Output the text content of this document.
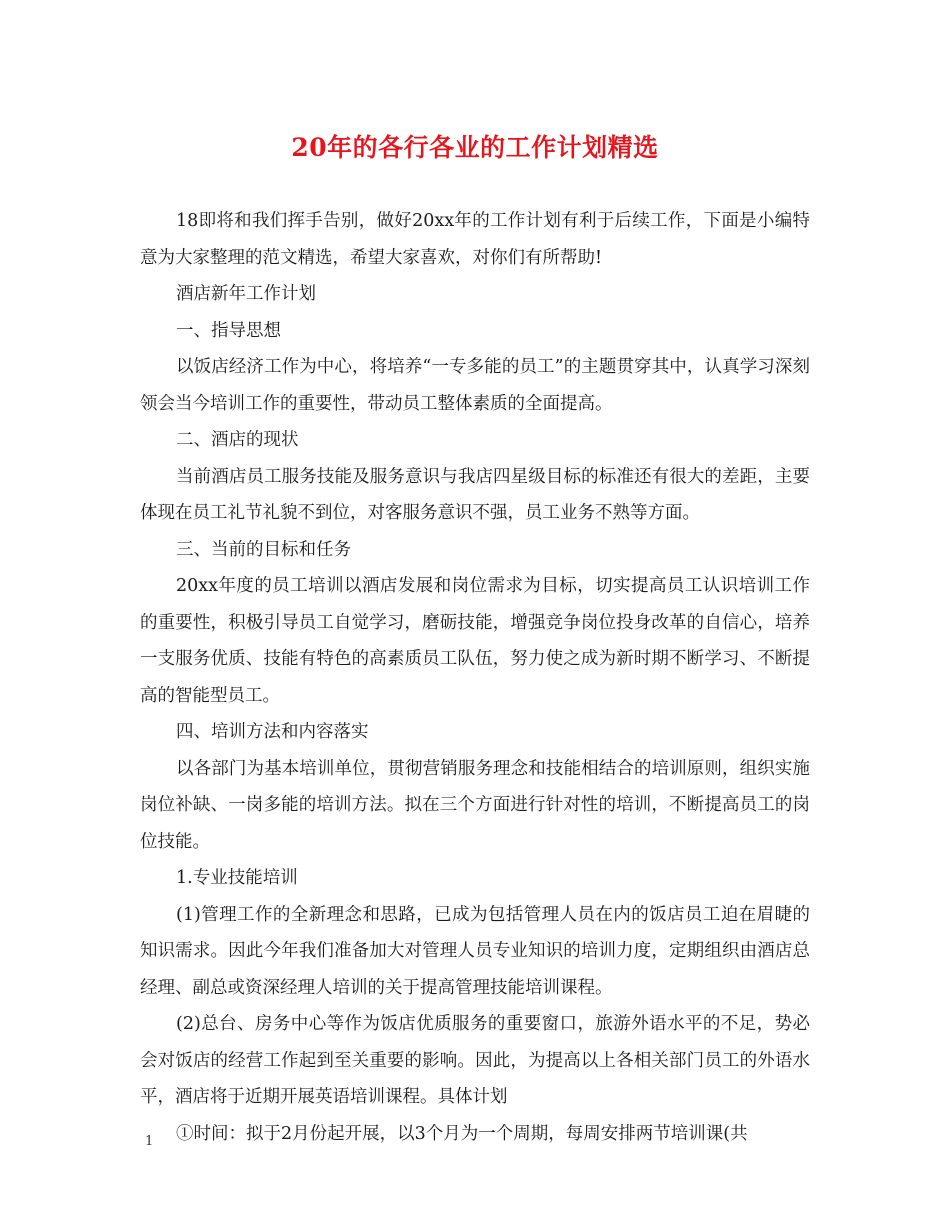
20年的各行各业的工作计划精选

18即将和我们挥手告别，做好20xx年的工作计划有利于后续工作，下面是小编特意为大家整理的范文精选，希望大家喜欢，对你们有所帮助!

酒店新年工作计划

一、指导思想

以饭店经济工作为中心，将培养“一专多能的员工”的主题贯穿其中，认真学习深刻领会当今培训工作的重要性，带动员工整体素质的全面提高。

二、酒店的现状

当前酒店员工服务技能及服务意识与我店四星级目标的标准还有很大的差距，主要体现在员工礼节礼貌不到位，对客服务意识不强，员工业务不熟等方面。

三、当前的目标和任务

20xx年度的员工培训以酒店发展和岗位需求为目标，切实提高员工认识培训工作的重要性，积极引导员工自觉学习，磨砺技能，增强竞争岗位投身改革的自信心，培养一支服务优质、技能有特色的高素质员工队伍，努力使之成为新时期不断学习、不断提高的智能型员工。

四、培训方法和内容落实

以各部门为基本培训单位，贯彻营销服务理念和技能相结合的培训原则，组织实施岗位补缺、一岗多能的培训方法。拟在三个方面进行针对性的培训，不断提高员工的岗位技能。

1.专业技能培训

(1)管理工作的全新理念和思路，已成为包括管理人员在内的饭店员工迫在眉睫的知识需求。因此今年我们准备加大对管理人员专业知识的培训力度，定期组织由酒店总经理、副总或资深经理人培训的关于提高管理技能培训课程。

(2)总台、房务中心等作为饭店优质服务的重要窗口，旅游外语水平的不足，势必会对饭店的经营工作起到至关重要的影响。因此，为提高以上各相关部门员工的外语水平，酒店将于近期开展英语培训课程。具体计划

①时间：拟于2月份起开展，以3个月为一个周期，每周安排两节培训课(共

1
